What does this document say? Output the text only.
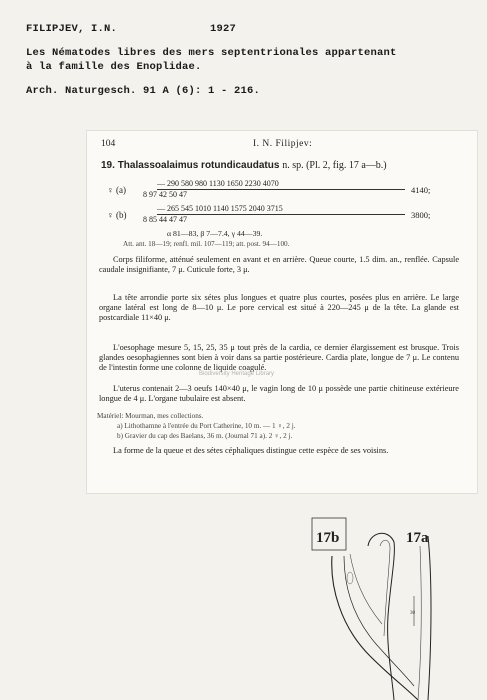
FILIPJEV, I.N.	1927
Les Nématodes libres des mers septentrionales appartenant
à la famille des Enoplidae.
Arch. Naturgesch. 91 A (6): 1 - 216.
104	I. N. Filipjev:
19. Thalassoalaimus rotundicaudatus n. sp. (Pl. 2, fig. 17 a—b.)
♀ (a)
— 290 580 980 1130 1650 2230 4070
8 97 42 50 47	4140;
♀ (b)
— 265 545 1010 1140 1575 2040 3715
8 85 44 47 47	3800;
α 81—83, β 7—7.4, γ 44—39.
Att. ant. 18—19; renfl. mil. 107—119; att. post. 94—100.
Corps filiforme, atténué seulement en avant et en arrière. Queue courte, 1.5 dim. an., renflée. Capsule caudale insignifiante, 7 μ. Cuticule forte, 3 μ.
La tête arrondie porte six sétes plus longues et quatre plus courtes, posées plus en arrière. Le large organe latéral est long de 8—10 μ. Le pore cervical est situé à 220—245 μ de la tête. La glande est postcardiale 11×40 μ.
L'oesophage mesure 5, 15, 25, 35 μ tout près de la cardia, ce dernier élargissement est brusque. Trois glandes oesophagiennes sont bien à voir dans sa partie postérieure. Cardia plate, longue de 7 μ. Le contenu de l'intestin forme une colonne de liquide coagulé.
L'uterus contenait 2—3 oeufs 140×40 μ, le vagin long de 10 μ possède une partie chitineuse extérieure longue de 4 μ. L'organe tubulaire est absent.
Matériel: Mourman, mes collections.
a) Lithothamne à l'entrée du Port Catherine, 10 m. — 1 ♀, 2 j.
b) Gravier du cap des Baelans, 36 m. (Journal 71 a). 2 ♀, 2 j.
La forme de la queue et des sétes céphaliques distingue cette espèce de ses voisins.
Biodiversity Heritage Library
17b	17a
30
